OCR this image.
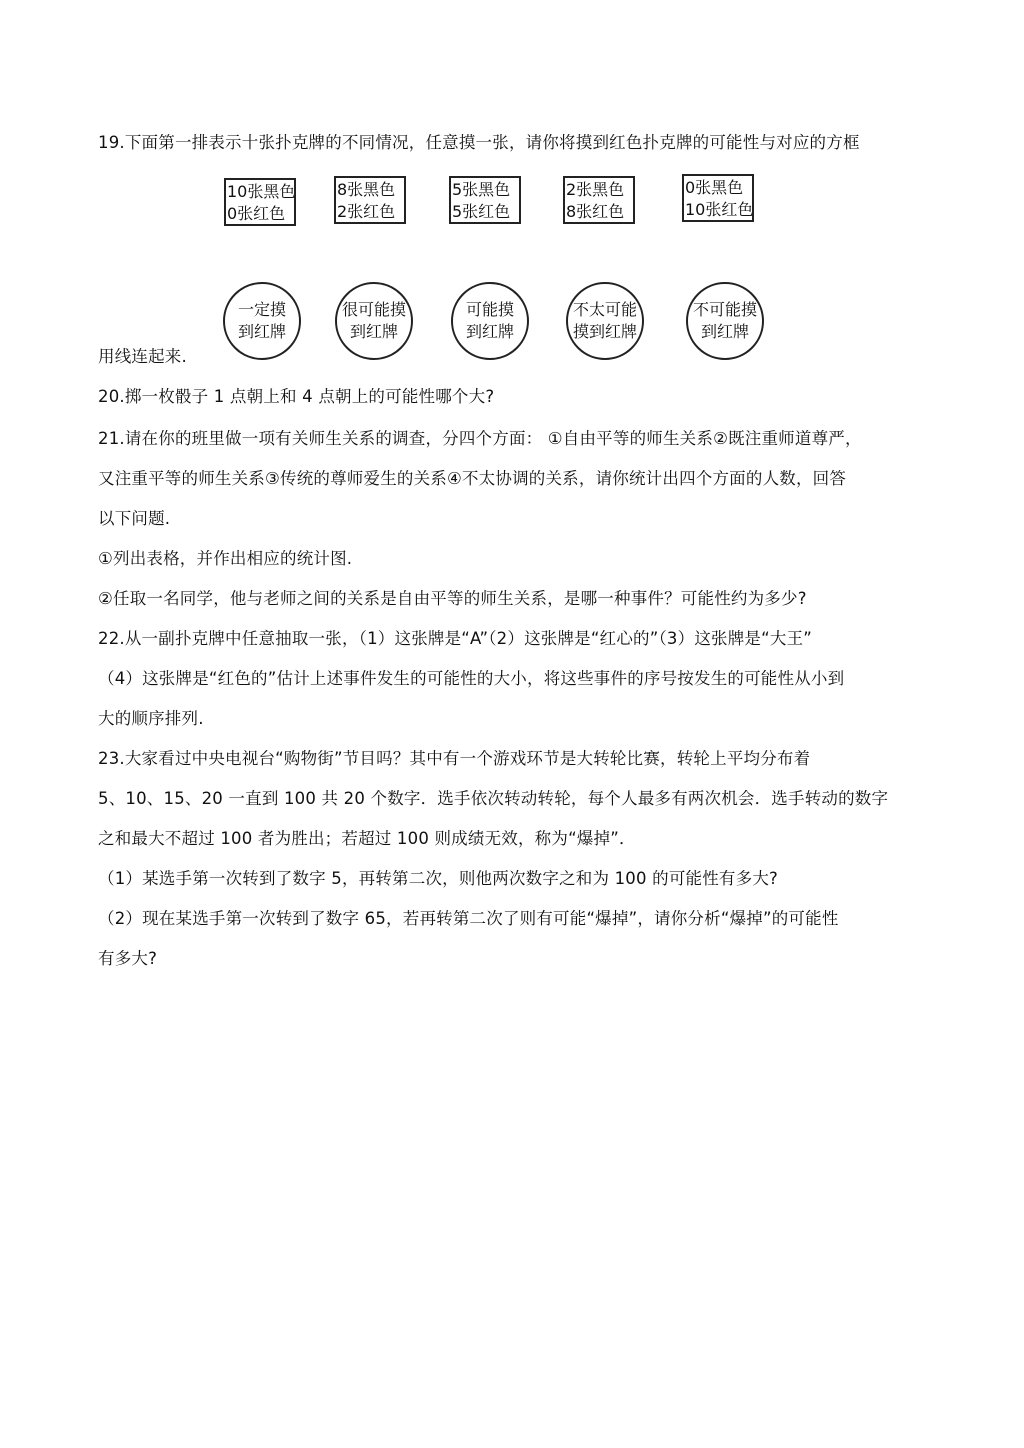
19.下面第一排表示十张扑克牌的不同情况，任意摸一张，请你将摸到红色扑克牌的可能性与对应的方框
10张黑色
0张红色
8张黑色
2张红色
5张黑色
5张红色
2张黑色
8张红色
0张黑色
10张红色
一定摸
到红牌
很可能摸
到红牌
可能摸
到红牌
不太可能
摸到红牌
不可能摸
到红牌
用线连起来.
20.掷一枚骰子 1 点朝上和 4 点朝上的可能性哪个大?
21.请在你的班里做一项有关师生关系的调查，分四个方面： ①自由平等的师生关系②既注重师道尊严，
又注重平等的师生关系③传统的尊师爱生的关系④不太协调的关系，请你统计出四个方面的人数，回答
以下问题.
①列出表格，并作出相应的统计图.
②任取一名同学，他与老师之间的关系是自由平等的师生关系，是哪一种事件？可能性约为多少?
22.从一副扑克牌中任意抽取一张，（1）这张牌是“A”（2）这张牌是“红心的”（3）这张牌是“大王”
（4）这张牌是“红色的”估计上述事件发生的可能性的大小，将这些事件的序号按发生的可能性从小到
大的顺序排列.
23.大家看过中央电视台“购物街”节目吗？其中有一个游戏环节是大转轮比赛，转轮上平均分布着
5、10、15、20 一直到 100 共 20 个数字．选手依次转动转轮，每个人最多有两次机会．选手转动的数字
之和最大不超过 100 者为胜出；若超过 100 则成绩无效，称为“爆掉”．
（1）某选手第一次转到了数字 5，再转第二次，则他两次数字之和为 100 的可能性有多大?
（2）现在某选手第一次转到了数字 65，若再转第二次了则有可能“爆掉”，请你分析“爆掉”的可能性
有多大?
